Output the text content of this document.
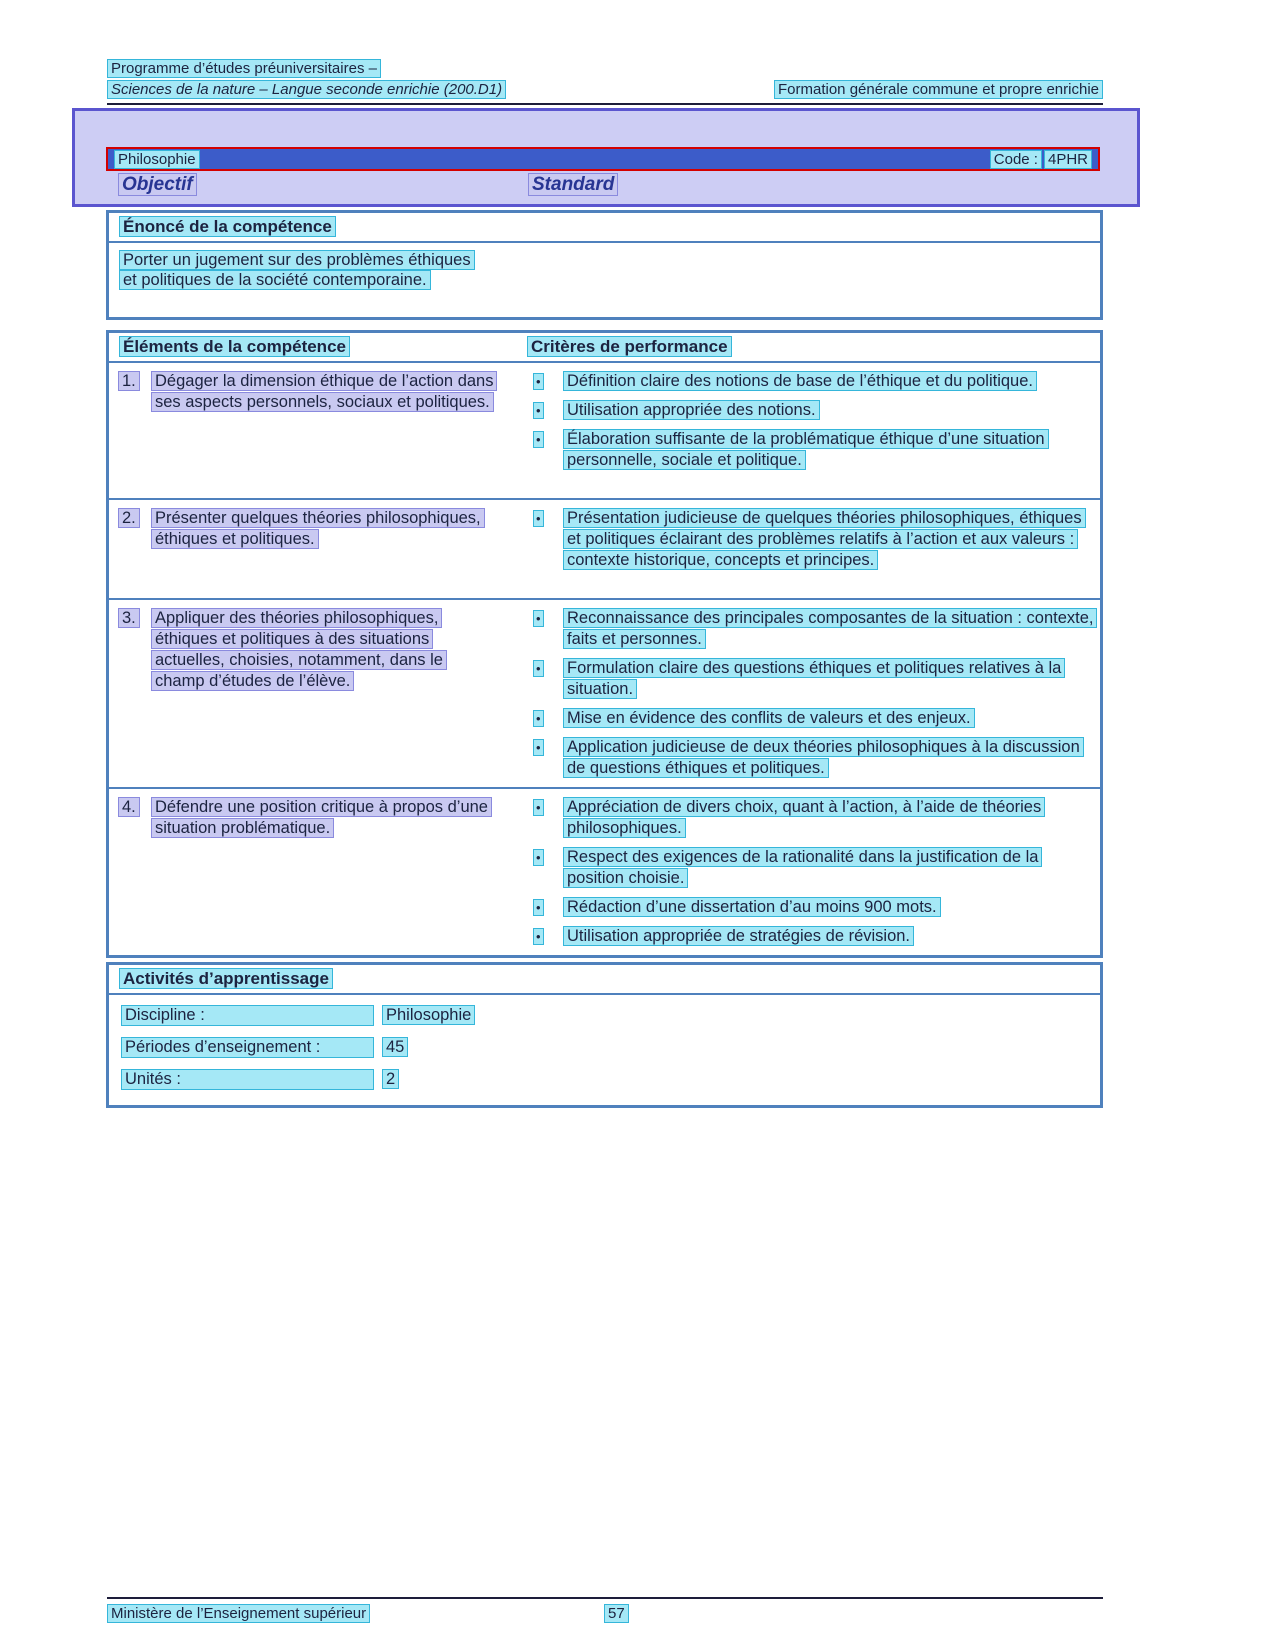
Programme d’études préuniversitaires –
Sciences de la nature – Langue seconde enrichie (200.D1)	Formation générale commune et propre enrichie
Philosophie	Code : 4PHR
Objectif	Standard
Énoncé de la compétence
Porter un jugement sur des problèmes éthiques et politiques de la société contemporaine.
Éléments de la compétence	Critères de performance
1.	Dégager la dimension éthique de l’action dans ses aspects personnels, sociaux et politiques.
•
Définition claire des notions de base de l’éthique et du politique.
•
Utilisation appropriée des notions.
•
Élaboration suffisante de la problématique éthique d’une situation personnelle, sociale et politique.
2.	Présenter quelques théories philosophiques, éthiques et politiques.
•
Présentation judicieuse de quelques théories philosophiques, éthiques et politiques éclairant des problèmes relatifs à l’action et aux valeurs : contexte historique, concepts et principes.
3.	Appliquer des théories philosophiques, éthiques et politiques à des situations actuelles, choisies, notamment, dans le champ d’études de l’élève.
•
Reconnaissance des principales composantes de la situation : contexte, faits et personnes.
•
Formulation claire des questions éthiques et politiques relatives à la situation.
•
Mise en évidence des conflits de valeurs et des enjeux.
•
Application judicieuse de deux théories philosophiques à la discussion de questions éthiques et politiques.
4.	Défendre une position critique à propos d’une situation problématique.
•
Appréciation de divers choix, quant à l’action, à l’aide de théories philosophiques.
•
Respect des exigences de la rationalité dans la justification de la position choisie.
•
Rédaction d’une dissertation d’au moins 900 mots.
•
Utilisation appropriée de stratégies de révision.
Activités d’apprentissage
Discipline :	Philosophie
Périodes d’enseignement :	45
Unités :	2
Ministère de l’Enseignement supérieur	57
